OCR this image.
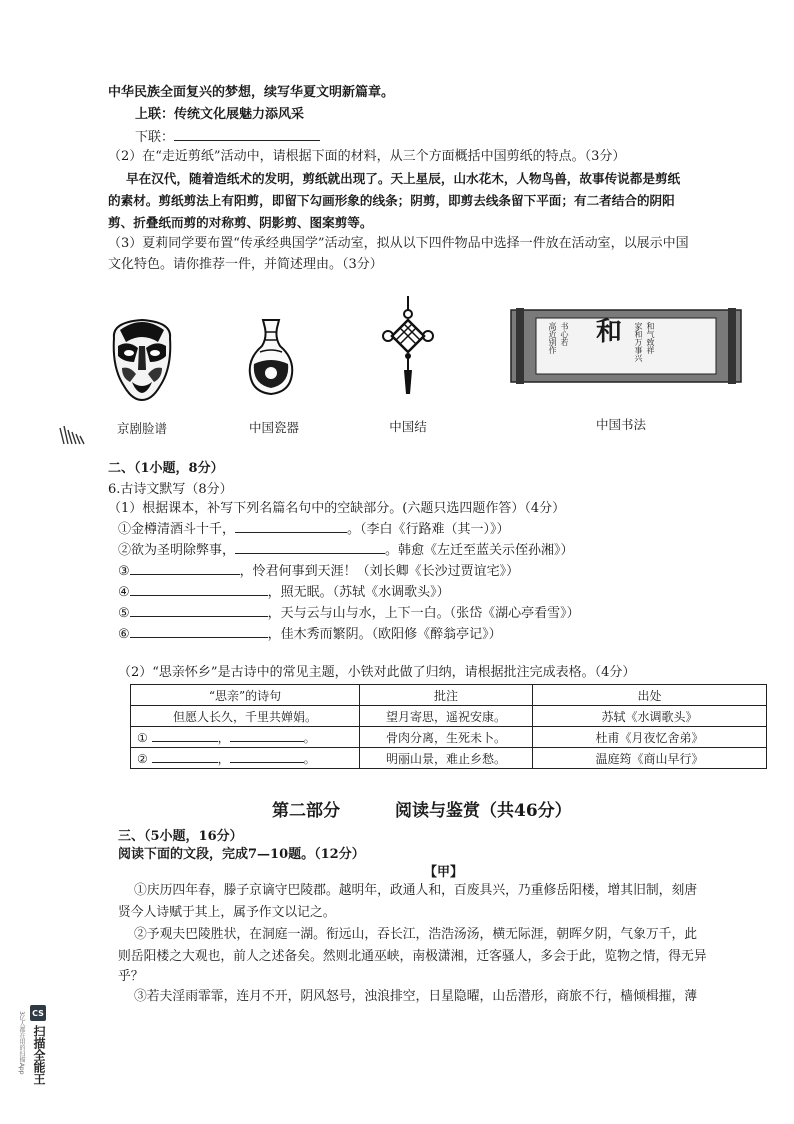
中华民族全面复兴的梦想，续写华夏文明新篇章。
上联：传统文化展魅力添风采
下联：
（2）在“走近剪纸”活动中，请根据下面的材料，从三个方面概括中国剪纸的特点。（3分）
早在汉代，随着造纸术的发明，剪纸就出现了。天上星辰，山水花木，人物鸟兽，故事传说都是剪纸
的素材。剪纸剪法上有阳剪，即留下勾画形象的线条；阴剪，即剪去线条留下平面；有二者结合的阴阳
剪、折叠纸而剪的对称剪、阴影剪、图案剪等。
（3）夏莉同学要布置“传承经典国学”活动室，拟从以下四件物品中选择一件放在活动室，以展示中国
文化特色。请你推荐一件，并简述理由。（3分）
和
高近别作 书心若	家和万事兴 和气致祥
京剧脸谱	中国瓷器	中国结	中国书法
二、（1小题，8分）
6.古诗文默写（8分）
（1）根据课本，补写下列名篇名句中的空缺部分。(六题只选四题作答）（4分）
①金樽清酒斗十千，	。（李白《行路难（其一）》）
②欲为圣明除弊事，	。韩愈《左迁至蓝关示侄孙湘》）
③	，怜君何事到天涯！（刘长卿《长沙过贾谊宅》）
④	，照无眠。（苏轼《水调歌头》）
⑤	，天与云与山与水，上下一白。（张岱《湖心亭看雪》）
⑥	，佳木秀而繁阴。（欧阳修《醉翁亭记》）
（2）“思亲怀乡”是古诗中的常见主题，小铁对此做了归纳，请根据批注完成表格。（4分）
“思亲”的诗句	批注	出处
但愿人长久，千里共婵娟。	望月寄思，遥祝安康。	苏轼《水调歌头》
① ， 。	骨肉分离，生死未卜。	杜甫《月夜忆舍弟》
② ， 。	明丽山景，难止乡愁。	温庭筠《商山早行》
第二部分	阅读与鉴赏（共46分）
三、（5小题，16分）
阅读下面的文段，完成7—10题。（12分）
【甲】
①庆历四年春，滕子京谪守巴陵郡。越明年，政通人和，百废具兴，乃重修岳阳楼，增其旧制，刻唐
贤今人诗赋于其上，属予作文以记之。
②予观夫巴陵胜状，在洞庭一湖。衔远山，吞长江，浩浩汤汤，横无际涯，朝晖夕阴，气象万千，此
则岳阳楼之大观也，前人之述备矣。然则北通巫峡，南极潇湘，迁客骚人，多会于此，览物之情，得无异
乎？
③若夫淫雨霏霏，连月不开，阴风怒号，浊浪排空，日星隐曜，山岳潜形，商旅不行，樯倾楫摧，薄
CS
扫描全能王
3亿人都在用的扫描App
